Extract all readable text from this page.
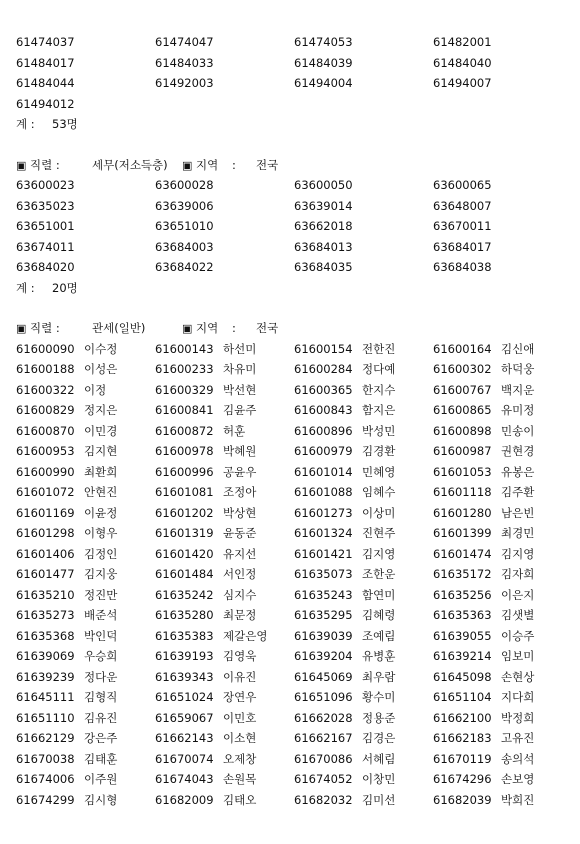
61474037	61474047	61474053	61482001
61484017	61484033	61484039	61484040
61484044	61492003	61494004	61494007
61494012
계 : 53명
▣
직렬 :	세무(저소득층) ▣	지역	:	전국
63600023	63600028	63600050	63600065
63635023	63639006	63639014	63648007
63651001	63651010	63662018	63670011
63674011	63684003	63684013	63684017
63684020	63684022	63684035	63684038
계 : 20명
▣
직렬 :	관세(일반) ▣	지역	:	전국
61600090 이수정	61600143 하선미	61600154 전한진	61600164 김신애
61600188 이성은	61600233 차유미	61600284 정다예	61600302 하덕웅
61600322 이정	61600329 박선현	61600365 한지수	61600767 백지운
61600829 정지은	61600841 김윤주	61600843 함지은	61600865 유미정
61600870 이민경	61600872 허훈	61600896 박성민	61600898 민송이
61600953 김지현	61600978 박혜원	61600979 김경환	61600987 권현경
61600990 최환희	61600996 공윤우	61601014 민혜영	61601053 유봉은
61601072 안현진	61601081 조정아	61601088 임혜수	61601118 김주환
61601169 이윤정	61601202 박상현	61601273 이상미	61601280 남은빈
61601298 이형우	61601319 윤동준	61601324 진현주	61601399 최경민
61601406 김정인	61601420 유지선	61601421 김지영	61601474 김지영
61601477 김지웅	61601484 서인정	61635073 조한운	61635172 김자희
61635210 정진만	61635242 심지수	61635243 함연미	61635256 이은지
61635273 배준석	61635280 최문정	61635295 김혜령	61635363 김샛별
61635368 박인덕	61635383 제갈은영 61639039 조예림	61639055 이승주
61639069 우승희	61639193 김영욱	61639204 유병훈	61639214 임보미
61639239 정다운	61639343 이유진	61645069 최우람	61645098 손현상
61645111 김형직	61651024 장연우	61651096 황수미	61651104 지다희
61651110 김유진	61659067 이민호	61662028 정용준	61662100 박정희
61662129 강은주	61662143 이소현	61662167 김경은	61662183 고유진
61670038 김태훈	61670074 오제창	61670086 서혜림	61670119 송의석
61674006 이주원	61674043 손원목	61674052 이창민	61674296 손보영
61674299 김시형	61682009 김태오	61682032 김미선	61682039 박희진
